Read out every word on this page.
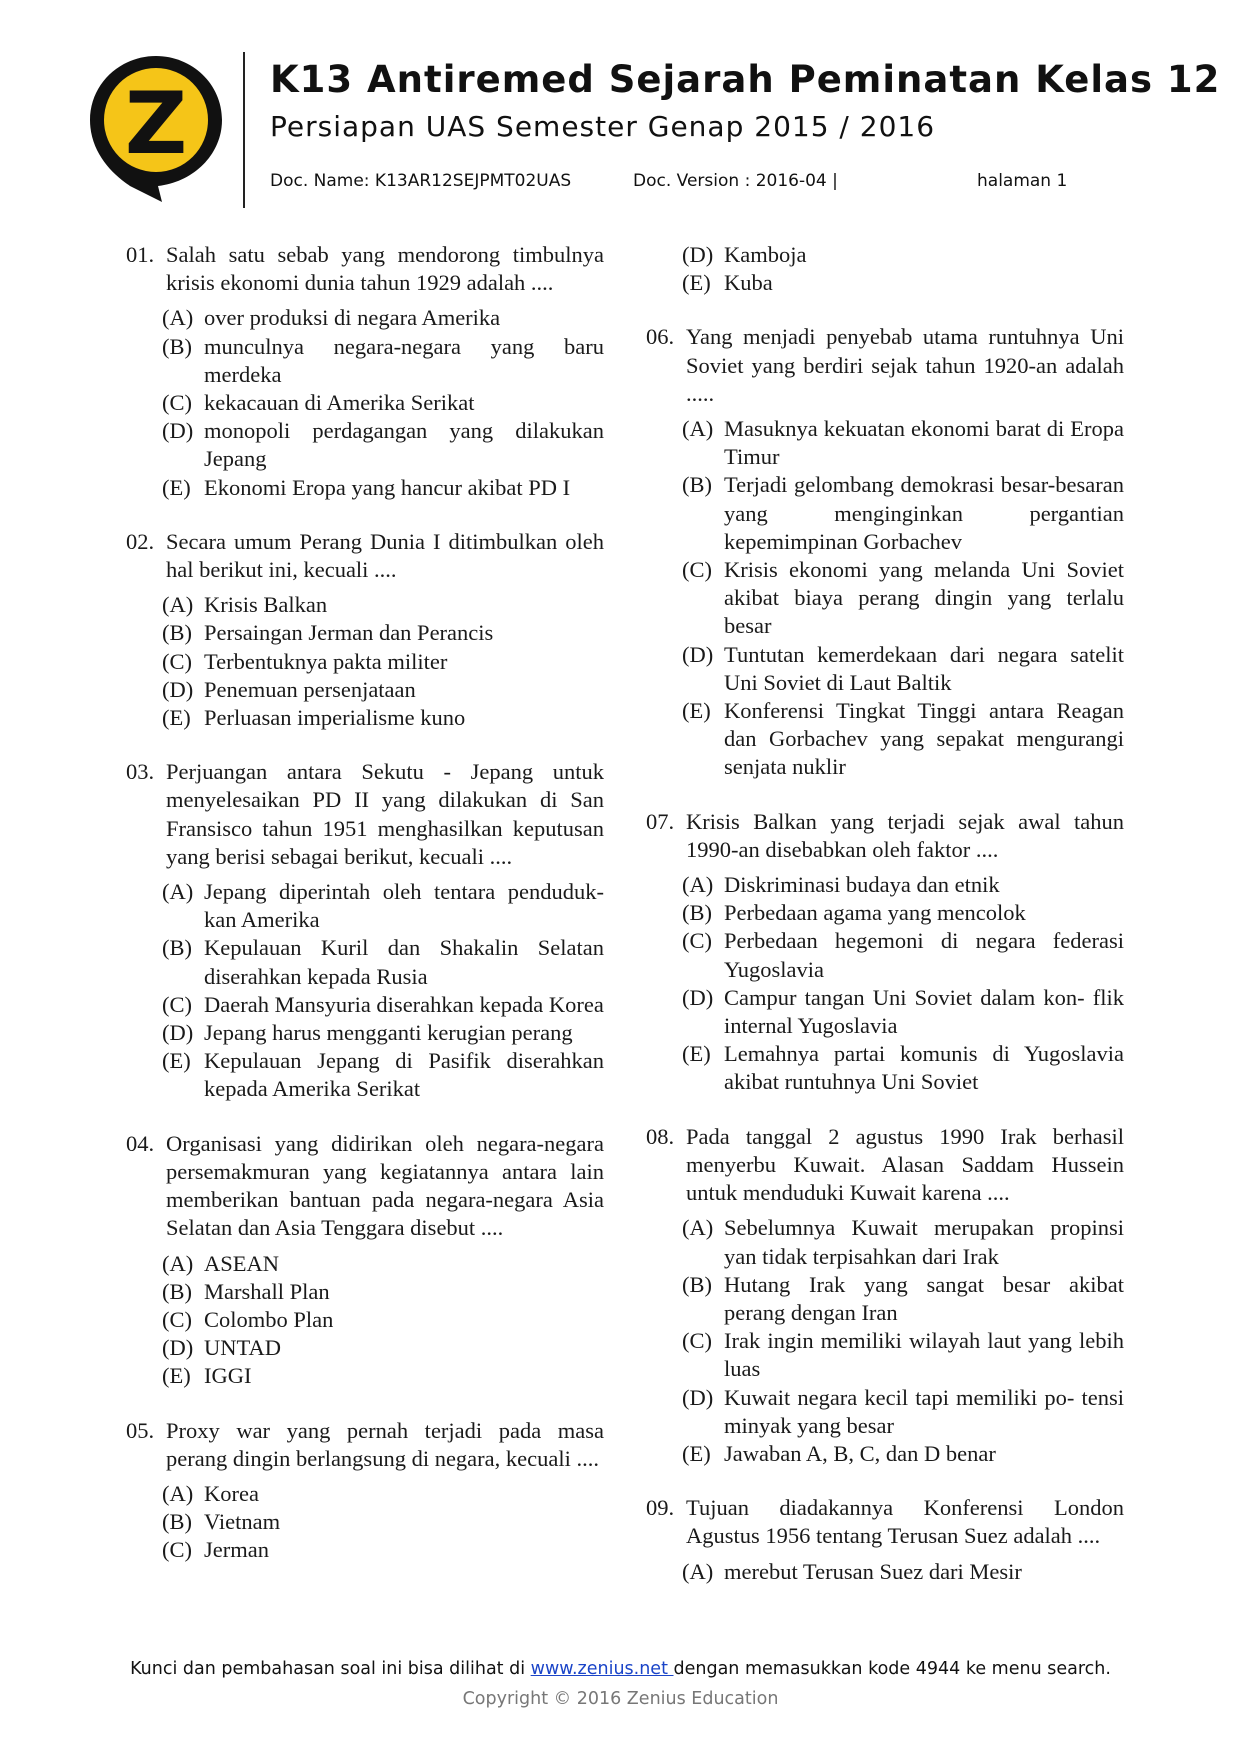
Z K13 Antiremed Sejarah Peminatan Kelas 12
Persiapan UAS Semester Genap 2015 / 2016
Doc. Name: K13AR12SEJPMT02UAS	Doc. Version : 2016-04 |	halaman 1
01. Salah satu sebab yang mendorong timbulnya krisis ekonomi dunia tahun 1929 adalah ....
(A) over produksi di negara Amerika
(B) munculnya negara-negara yang baru merdeka
(C) kekacauan di Amerika Serikat
(D) monopoli perdagangan yang dilakukan Jepang
(E) Ekonomi Eropa yang hancur akibat PD I
02. Secara umum Perang Dunia I ditimbulkan oleh hal berikut ini, kecuali ....
(A) Krisis Balkan
(B) Persaingan Jerman dan Perancis
(C) Terbentuknya pakta militer
(D) Penemuan persenjataan
(E) Perluasan imperialisme kuno
03. Perjuangan antara Sekutu - Jepang untuk menyelesaikan PD II yang dilakukan di San Fransisco tahun 1951 menghasilkan keputusan yang berisi sebagai berikut, kecuali ....
(A) Jepang diperintah oleh tentara penduduk- kan Amerika
(B) Kepulauan Kuril dan Shakalin Selatan diserahkan kepada Rusia
(C) Daerah Mansyuria diserahkan kepada Korea
(D) Jepang harus mengganti kerugian perang
(E) Kepulauan Jepang di Pasifik diserahkan kepada Amerika Serikat
04. Organisasi yang didirikan oleh negara-negara persemakmuran yang kegiatannya antara lain memberikan bantuan pada negara-negara Asia Selatan dan Asia Tenggara disebut ....
(A) ASEAN
(B) Marshall Plan
(C) Colombo Plan
(D) UNTAD
(E) IGGI
05. Proxy war yang pernah terjadi pada masa perang dingin berlangsung di negara, kecuali ....
(A) Korea
(B) Vietnam
(C) Jerman
(D) Kamboja
(E) Kuba
06. Yang menjadi penyebab utama runtuhnya Uni Soviet yang berdiri sejak tahun 1920-an adalah .....
(A) Masuknya kekuatan ekonomi barat di Eropa Timur
(B) Terjadi gelombang demokrasi besar-besaran yang menginginkan pergantian kepemimpinan Gorbachev
(C) Krisis ekonomi yang melanda Uni Soviet akibat biaya perang dingin yang terlalu besar
(D) Tuntutan kemerdekaan dari negara satelit Uni Soviet di Laut Baltik
(E) Konferensi Tingkat Tinggi antara Reagan dan Gorbachev yang sepakat mengurangi senjata nuklir
07. Krisis Balkan yang terjadi sejak awal tahun 1990-an disebabkan oleh faktor ....
(A) Diskriminasi budaya dan etnik
(B) Perbedaan agama yang mencolok
(C) Perbedaan hegemoni di negara federasi Yugoslavia
(D) Campur tangan Uni Soviet dalam kon- flik internal Yugoslavia
(E) Lemahnya partai komunis di Yugoslavia akibat runtuhnya Uni Soviet
08. Pada tanggal 2 agustus 1990 Irak berhasil menyerbu Kuwait. Alasan Saddam Hussein untuk menduduki Kuwait karena ....
(A) Sebelumnya Kuwait merupakan propinsi yan tidak terpisahkan dari Irak
(B) Hutang Irak yang sangat besar akibat perang dengan Iran
(C) Irak ingin memiliki wilayah laut yang lebih luas
(D) Kuwait negara kecil tapi memiliki po- tensi minyak yang besar
(E) Jawaban A, B, C, dan D benar
09. Tujuan diadakannya Konferensi London Agustus 1956 tentang Terusan Suez adalah ....
(A) merebut Terusan Suez dari Mesir
Kunci dan pembahasan soal ini bisa dilihat di www.zenius.net dengan memasukkan kode 4944 ke menu search.
Copyright © 2016 Zenius Education
